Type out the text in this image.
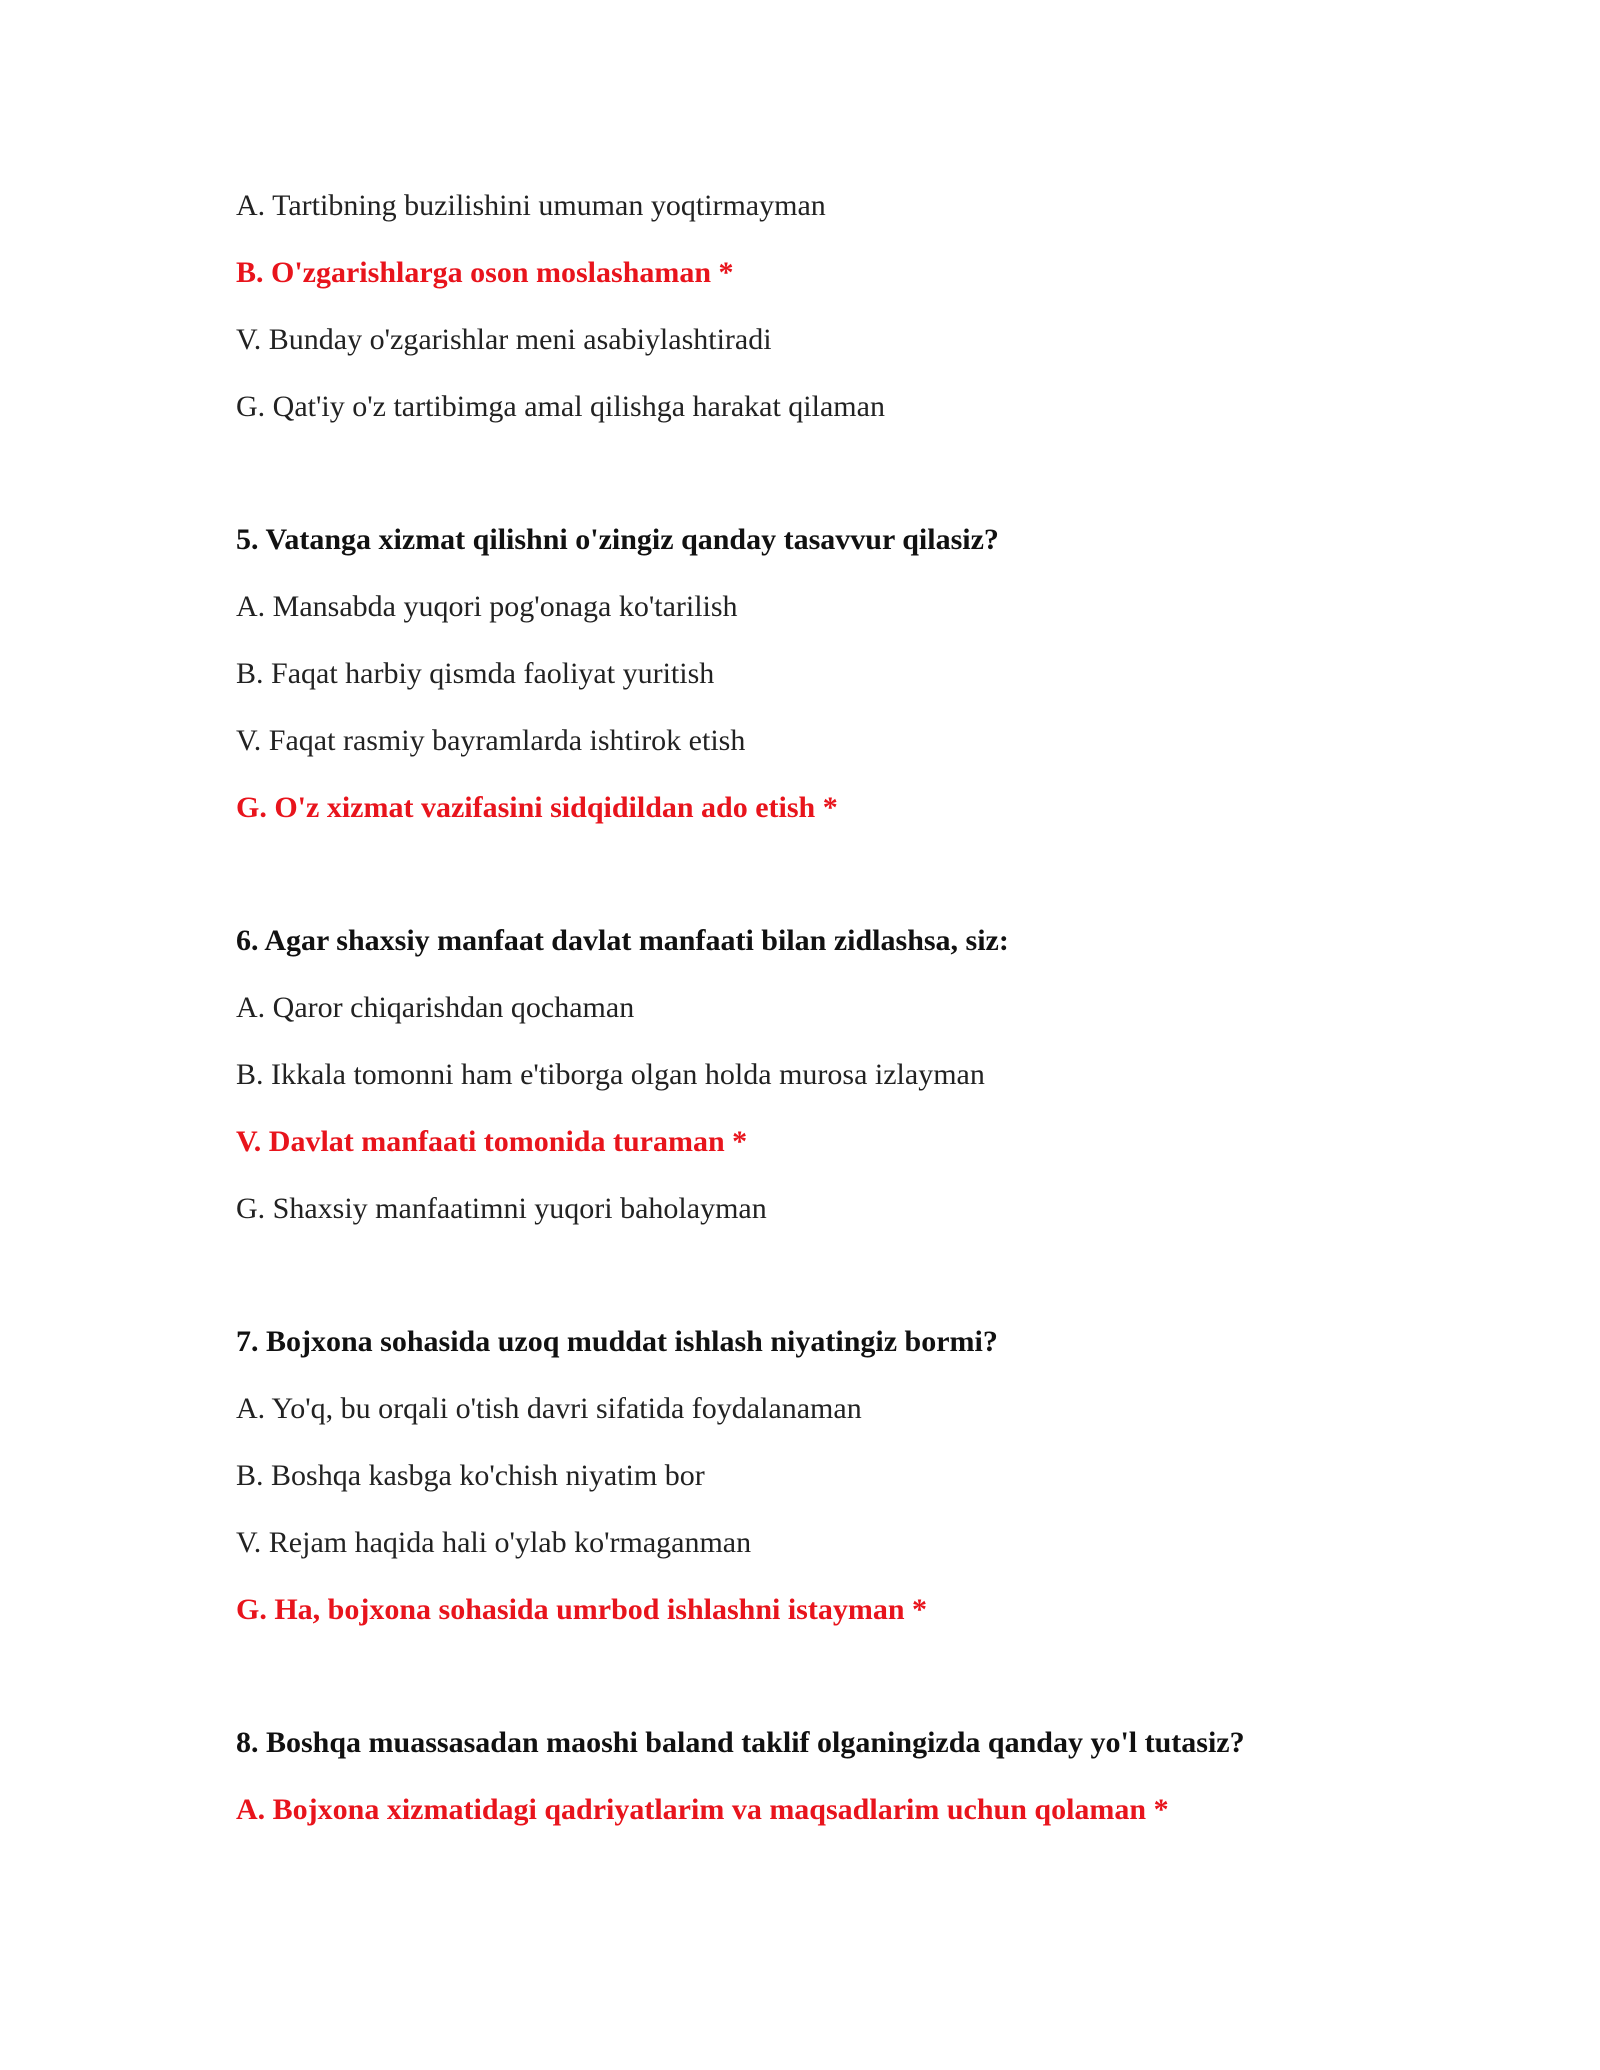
A. Tartibning buzilishini umuman yoqtirmayman
B. O'zgarishlarga oson moslashaman *
V. Bunday o'zgarishlar meni asabiylashtiradi
G. Qat'iy o'z tartibimga amal qilishga harakat qilaman
5. Vatanga xizmat qilishni o'zingiz qanday tasavvur qilasiz?
A. Mansabda yuqori pog'onaga ko'tarilish
B. Faqat harbiy qismda faoliyat yuritish
V. Faqat rasmiy bayramlarda ishtirok etish
G. O'z xizmat vazifasini sidqidildan ado etish *
6. Agar shaxsiy manfaat davlat manfaati bilan zidlashsa, siz:
A. Qaror chiqarishdan qochaman
B. Ikkala tomonni ham e'tiborga olgan holda murosa izlayman
V. Davlat manfaati tomonida turaman *
G. Shaxsiy manfaatimni yuqori baholayman
7. Bojxona sohasida uzoq muddat ishlash niyatingiz bormi?
A. Yo'q, bu orqali o'tish davri sifatida foydalanaman
B. Boshqa kasbga ko'chish niyatim bor
V. Rejam haqida hali o'ylab ko'rmaganman
G. Ha, bojxona sohasida umrbod ishlashni istayman *
8. Boshqa muassasadan maoshi baland taklif olganingizda qanday yo'l tutasiz?
A. Bojxona xizmatidagi qadriyatlarim va maqsadlarim uchun qolaman *
